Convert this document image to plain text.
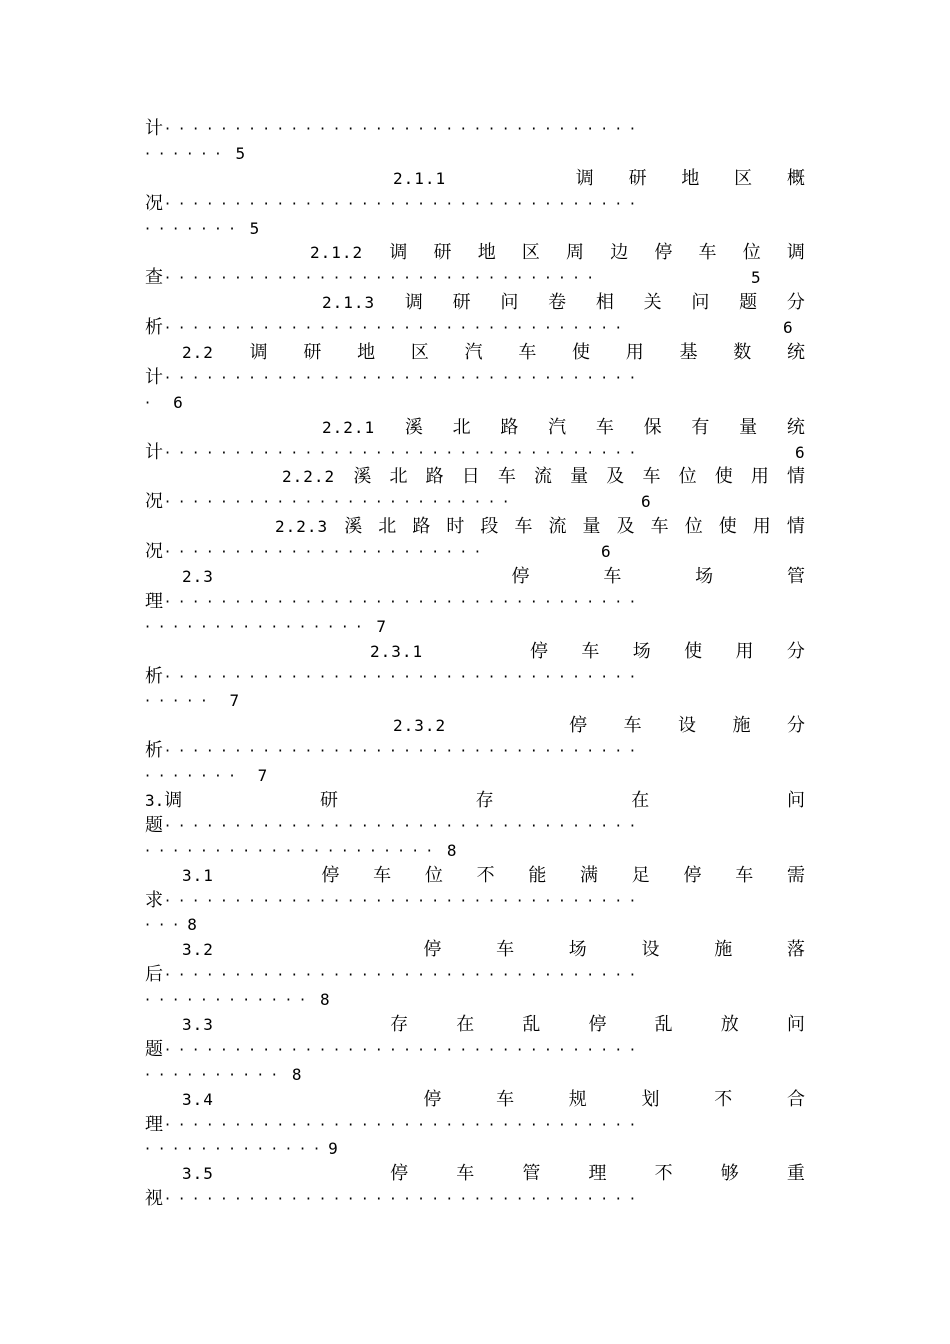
计 ··································
······ 5
2.1.1	调 研 地 区 概
况 ··································
······· 5
2.1.2 调 研 地 区 周 边 停 车 位 调
查 ·······························	5
2.1.3 调 研 问 卷 相 关 问 题 分
析 ·································	6
2.2 调 研 地 区 汽 车 使 用 基 数 统
计 ··································
· 6
2.2.1 溪 北 路 汽 车 保 有 量 统
计 ··································	6
2.2.2 溪 北 路 日 车 流 量 及 车 位 使 用 情
况 ·························	6
2.2.3 溪 北 路 时 段 车 流 量 及 车 位 使 用 情
况 ·······················	6
2.3	停	车	场	管
理 ··································
················ 7
2.3.1	停 车 场 使 用 分
析 ··································
····· 7
2.3.2	停 车 设 施 分
析 ··································
······· 7
3.调	研	存	在	问
题 ··································
····················· 8
3.1	停 车 位 不 能 满 足 停 车 需
求 ··································
··· 8
3.2	停	车	场	设	施	落
后 ··································
············ 8
3.3	存	在	乱	停	乱	放	问
题 ··································
·········· 8
3.4	停	车	规	划	不	合
理 ··································
············· 9
3.5	停	车	管	理	不	够	重
视 ··································
